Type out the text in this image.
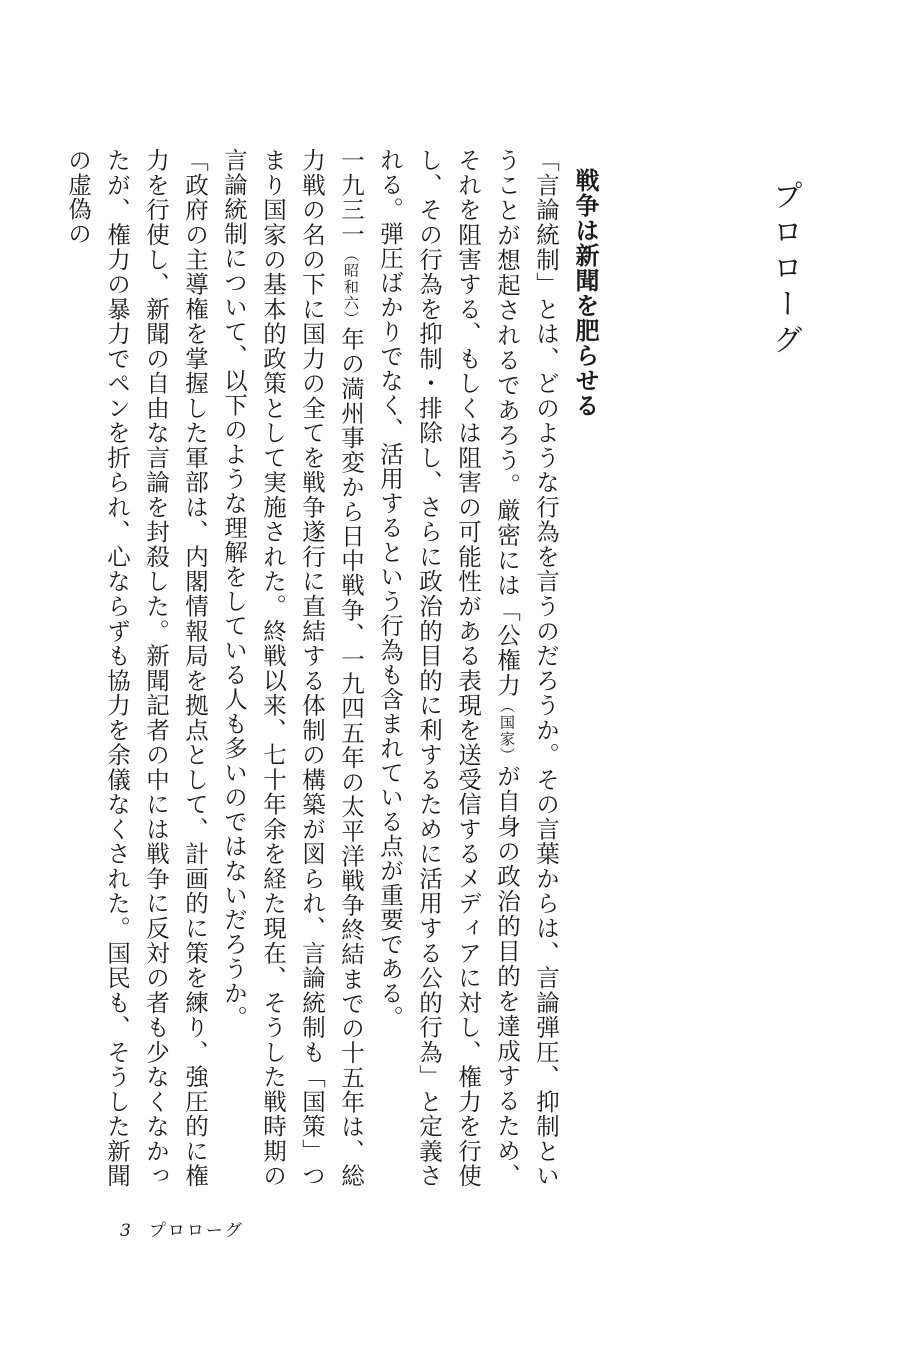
プロローグ
戦争は新聞を肥らせる

「言論統制」とは、どのような行為を言うのだろうか。その言葉からは、言論弾圧、抑制ということが想起されるであろう。厳密には「公権力（国家）が自身の政治的目的を達成するため、それを阻害する、もしくは阻害の可能性がある表現を送受信するメディアに対し、権力を行使し、その行為を抑制・排除し、さらに政治的目的に利するために活用する公的行為」と定義される。弾圧ばかりでなく、活用するという行為も含まれている点が重要である。

一九三一（昭和六）年の満州事変から日中戦争、一九四五年の太平洋戦争終結までの十五年は、総力戦の名の下に国力の全てを戦争遂行に直結する体制の構築が図られ、言論統制も「国策」つまり国家の基本的政策として実施された。終戦以来、七十年余を経た現在、そうした戦時期の言論統制について、以下のような理解をしている人も多いのではないだろうか。

「政府の主導権を掌握した軍部は、内閣情報局を拠点として、計画的に策を練り、強圧的に権力を行使し、新聞の自由な言論を封殺した。新聞記者の中には戦争に反対の者も少なくなかったが、権力の暴力でペンを折られ、心ならずも協力を余儀なくされた。国民も、そうした新聞の虚偽の

3 プロローグ
